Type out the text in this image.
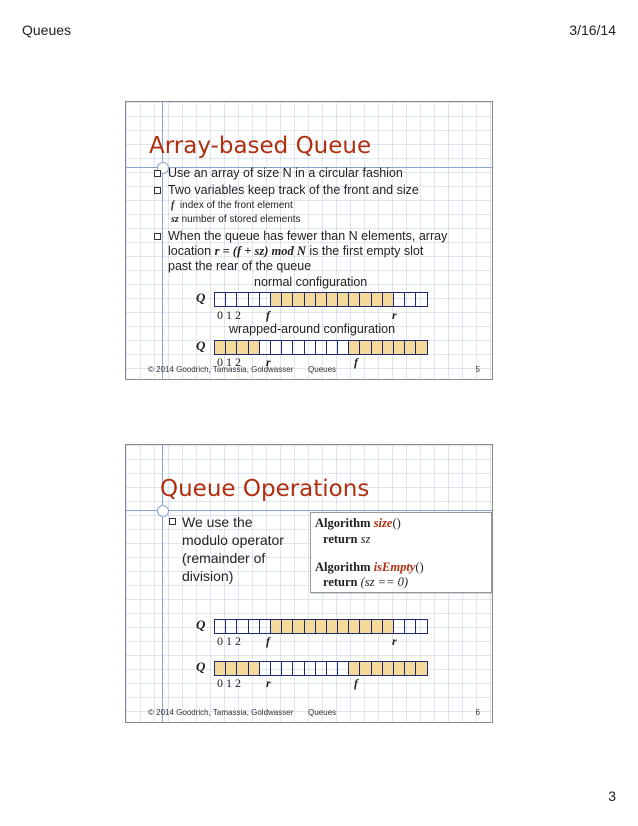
Queues	3/16/14
Array-based Queue
Use an array of size N in a circular fashion
Two variables keep track of the front and size
f index of the front element
sz number of stored elements
When the queue has fewer than N elements, array
location r = (f + sz) mod N is the first empty slot
past the rear of the queue
normal configuration
Q
0 1 2 f	r
wrapped-around configuration
Q
0 1 2 r	f
© 2014 Goodrich, Tamassia, Goldwasser Queues	5
Queue Operations
We use the
modulo operator
(remainder of
division)
Algorithm size()
return sz
Algorithm isEmpty()
return (sz == 0)
Q
0 1 2 f	r
Q
0 1 2 r	f
© 2014 Goodrich, Tamassia, Goldwasser Queues	6
3
